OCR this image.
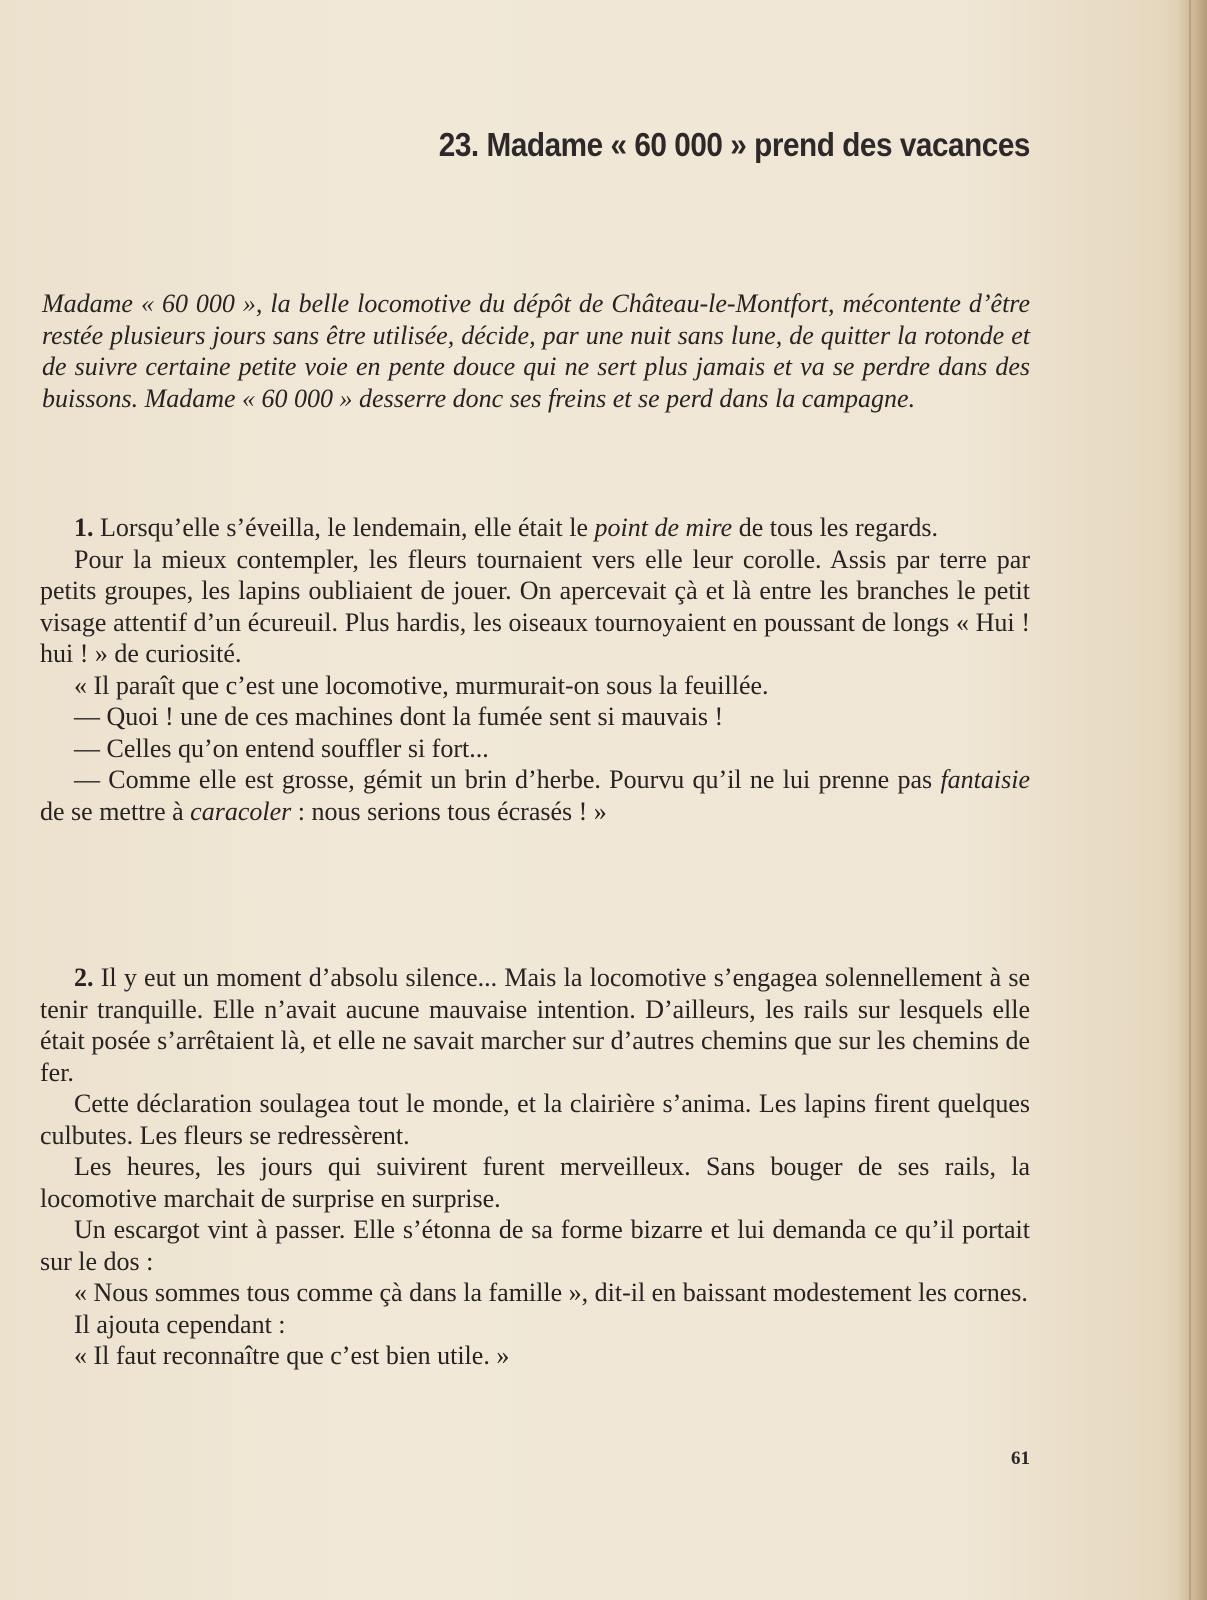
23. Madame « 60 000 » prend des vacances

Madame « 60 000 », la belle locomotive du dépôt de Château-le-Montfort, mécontente d’être restée plusieurs jours sans être utilisée, décide, par une nuit sans lune, de quitter la rotonde et de suivre certaine petite voie en pente douce qui ne sert plus jamais et va se perdre dans des buissons. Madame « 60 000 » desserre donc ses freins et se perd dans la campagne.

1. Lorsqu’elle s’éveilla, le lendemain, elle était le point de mire de tous les regards.

Pour la mieux contempler, les fleurs tournaient vers elle leur corolle. Assis par terre par petits groupes, les lapins oubliaient de jouer. On apercevait çà et là entre les branches le petit visage attentif d’un écureuil. Plus hardis, les oiseaux tournoyaient en poussant de longs « Hui ! hui ! » de curiosité.

« Il paraît que c’est une locomotive, murmurait-on sous la feuillée.

— Quoi ! une de ces machines dont la fumée sent si mauvais !

— Celles qu’on entend souffler si fort...

— Comme elle est grosse, gémit un brin d’herbe. Pourvu qu’il ne lui prenne pas fantaisie de se mettre à caracoler : nous serions tous écrasés ! »

2. Il y eut un moment d’absolu silence... Mais la locomotive s’engagea solennellement à se tenir tranquille. Elle n’avait aucune mauvaise intention. D’ailleurs, les rails sur lesquels elle était posée s’arrêtaient là, et elle ne savait marcher sur d’autres chemins que sur les chemins de fer.

Cette déclaration soulagea tout le monde, et la clairière s’anima. Les lapins firent quelques culbutes. Les fleurs se redressèrent.

Les heures, les jours qui suivirent furent merveilleux. Sans bouger de ses rails, la locomotive marchait de surprise en surprise.

Un escargot vint à passer. Elle s’étonna de sa forme bizarre et lui demanda ce qu’il portait sur le dos :

« Nous sommes tous comme çà dans la famille », dit-il en baissant modestement les cornes.

Il ajouta cependant :

« Il faut reconnaître que c’est bien utile. »

61
